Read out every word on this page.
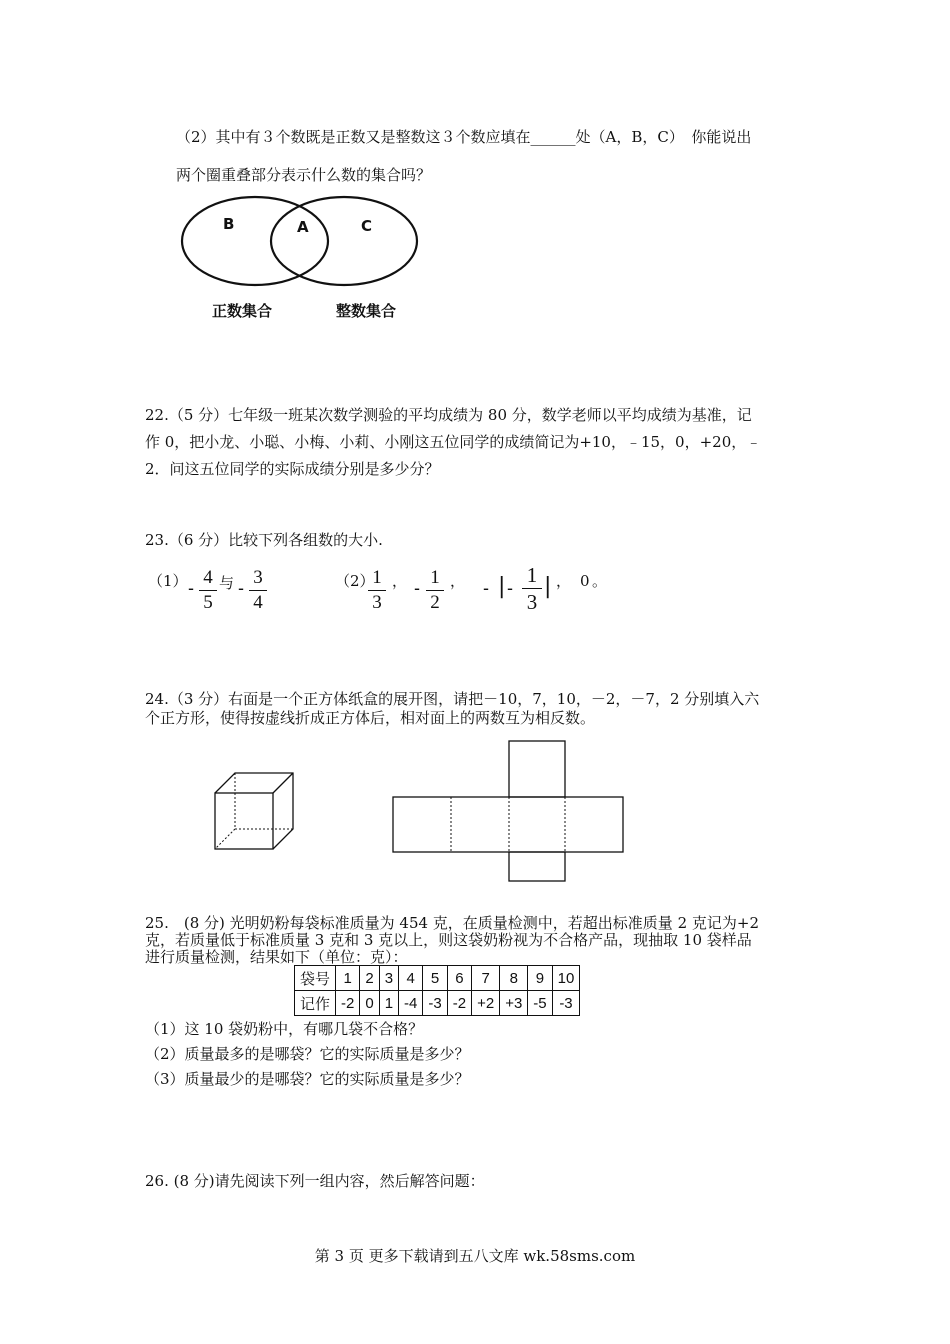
（2）其中有３个数既是正数又是整数这３个数应填在______处（A，B，C）　你能说出
两个圈重叠部分表示什么数的集合吗？
B	A	C
正数集合	整数集合
22.（5 分）七年级一班某次数学测验的平均成绩为 80 分，数学老师以平均成绩为基准，记
作 0，把小龙、小聪、小梅、小莉、小刚这五位同学的成绩简记为+10，﹣15，0，+20，﹣
2．问这五位同学的实际成绩分别是多少分？
23.（6 分）比较下列各组数的大小.
（1） - 4
5
与 - 3
4
（2）
1
3
， - 1
2
， - | -
1
3
| ， 0 。
24.（3 分）右面是一个正方体纸盒的展开图，请把－10，7，10，－2，－7，2 分别填入六
个正方形，使得按虚线折成正方体后，相对面上的两数互为相反数。
25.　(8 分) 光明奶粉每袋标准质量为 454 克，在质量检测中，若超出标准质量 2 克记为+2
克，若质量低于标准质量 3 克和 3 克以上，则这袋奶粉视为不合格产品，现抽取 10 袋样品
进行质量检测，结果如下（单位：克）：
袋号	1	2	3	4	5	6	7	8	9	10
记作	-2	0	1	-4	-3	-2	+2	+3	-5	-3
（1）这 10 袋奶粉中，有哪几袋不合格？
（2）质量最多的是哪袋？它的实际质量是多少？
（3）质量最少的是哪袋？它的实际质量是多少？
26. (8 分)请先阅读下列一组内容，然后解答问题：
第 3 页 更多下载请到五八文库 wk.58sms.com
